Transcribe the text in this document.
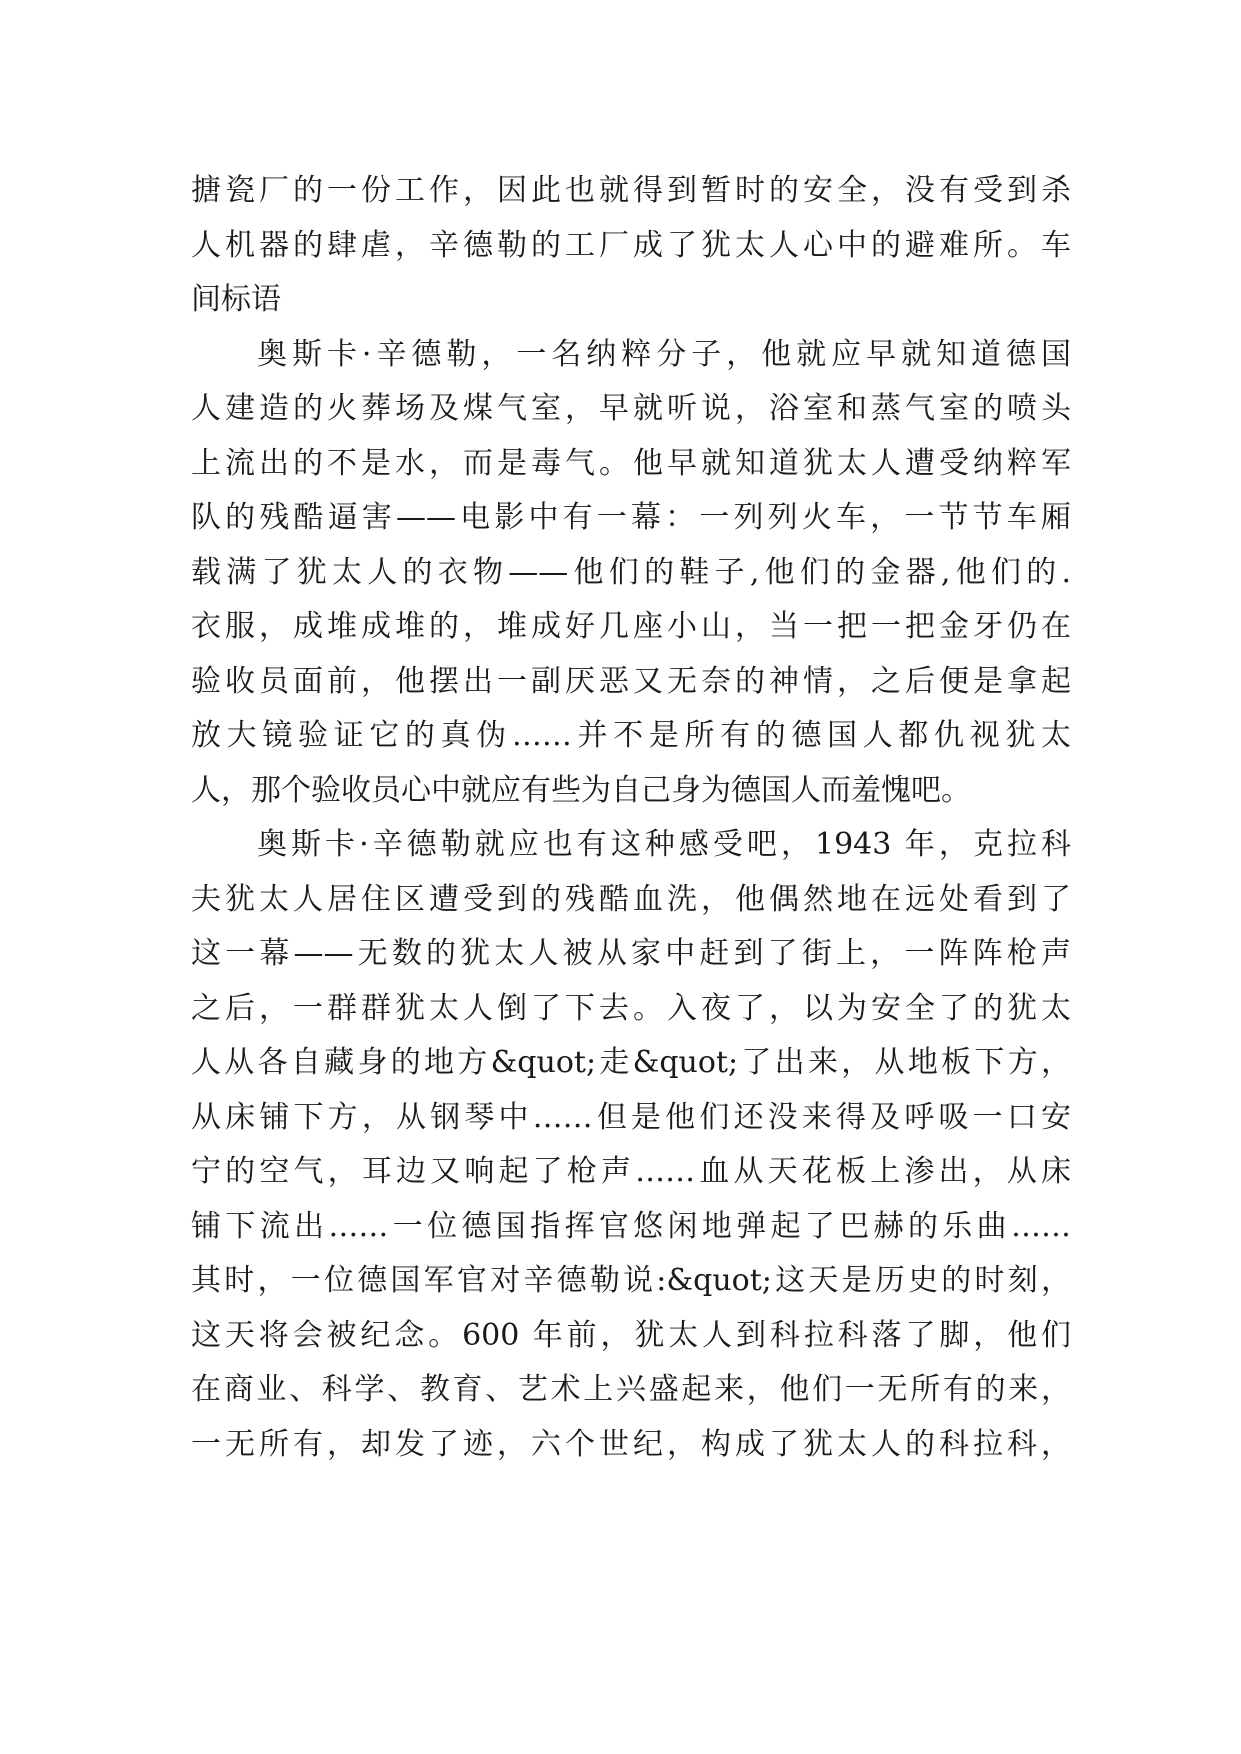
搪瓷厂的一份工作，因此也就得到暂时的安全，没有受到杀
人机器的肆虐，辛德勒的工厂成了犹太人心中的避难所。车
间标语
奥斯卡·辛德勒，一名纳粹分子，他就应早就知道德国
人建造的火葬场及煤气室，早就听说，浴室和蒸气室的喷头
上流出的不是水，而是毒气。他早就知道犹太人遭受纳粹军
队的残酷逼害——电影中有一幕：一列列火车，一节节车厢
载满了犹太人的衣物——他们的鞋子,他们的金器,他们的.
衣服，成堆成堆的，堆成好几座小山，当一把一把金牙仍在
验收员面前，他摆出一副厌恶又无奈的神情，之后便是拿起
放大镜验证它的真伪……并不是所有的德国人都仇视犹太
人，那个验收员心中就应有些为自己身为德国人而羞愧吧。
奥斯卡·辛德勒就应也有这种感受吧，1943 年，克拉科
夫犹太人居住区遭受到的残酷血洗，他偶然地在远处看到了
这一幕——无数的犹太人被从家中赶到了街上，一阵阵枪声
之后，一群群犹太人倒了下去。入夜了，以为安全了的犹太
人从各自藏身的地方&quot;走&quot;了出来，从地板下方，
从床铺下方，从钢琴中……但是他们还没来得及呼吸一口安
宁的空气，耳边又响起了枪声……血从天花板上渗出，从床
铺下流出……一位德国指挥官悠闲地弹起了巴赫的乐曲……
其时，一位德国军官对辛德勒说:&quot;这天是历史的时刻，
这天将会被纪念。600 年前，犹太人到科拉科落了脚，他们
在商业、科学、教育、艺术上兴盛起来，他们一无所有的来，
一无所有，却发了迹，六个世纪，构成了犹太人的科拉科，
